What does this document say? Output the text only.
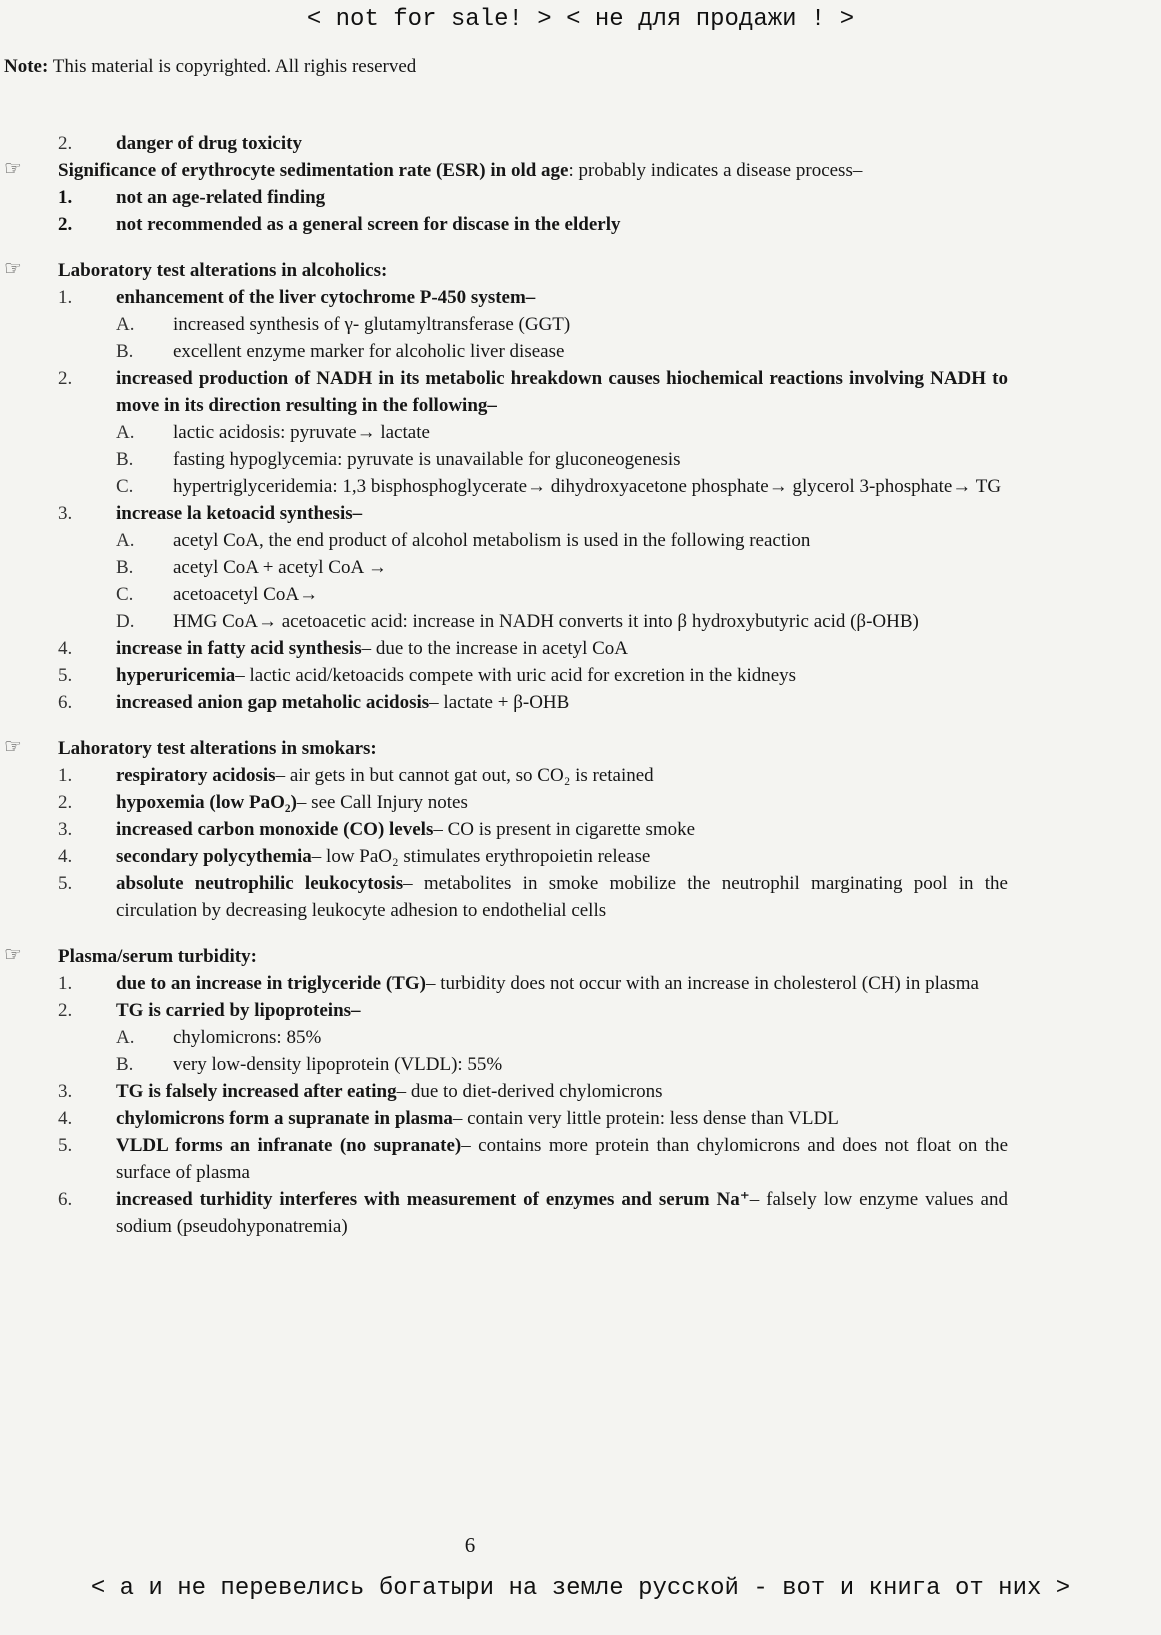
< not for sale! > < не для продажи ! >
Note: This material is copyrighted. All righis reserved
2. danger of drug toxicity
☞	Significance of erythrocyte sedimentation rate (ESR) in old age: probably indicates a disease process–
1. not an age-related finding
2. not recommended as a general screen for discase in the elderly
☞	Laboratory test alterations in alcoholics:
1. enhancement of the liver cytochrome P-450 system–
A. increased synthesis of γ- glutamyltransferase (GGT)
B. excellent enzyme marker for alcoholic liver disease
2. increased production of NADH in its metabolic hreakdown causes hiochemical reactions involving NADH to move in its direction resulting in the following–
A. lactic acidosis: pyruvate→ lactate
B. fasting hypoglycemia: pyruvate is unavailable for gluconeogenesis
C. hypertriglyceridemia: 1,3 bisphosphoglycerate→ dihydroxyacetone phosphate→ glycerol 3-phosphate→ TG
3. increase la ketoacid synthesis–
A. acetyl CoA, the end product of alcohol metabolism is used in the following reaction
B. acetyl CoA + acetyl CoA →
C. acetoacetyl CoA→
D. HMG CoA→ acetoacetic acid: increase in NADH converts it into β hydroxybutyric acid (β-OHB)
4. increase in fatty acid synthesis– due to the increase in acetyl CoA
5. hyperuricemia– lactic acid/ketoacids compete with uric acid for excretion in the kidneys
6. increased anion gap metaholic acidosis– lactate + β-OHB
☞	Lahoratory test alterations in smokars:
1. respiratory acidosis– air gets in but cannot gat out, so CO₂ is retained
2. hypoxemia (low PaO₂)– see Call Injury notes
3. increased carbon monoxide (CO) levels– CO is present in cigarette smoke
4. secondary polycythemia– low PaO₂ stimulates erythropoietin release
5. absolute neutrophilic leukocytosis– metabolites in smoke mobilize the neutrophil marginating pool in the circulation by decreasing leukocyte adhesion to endothelial cells
☞	Plasma/serum turbidity:
1. due to an increase in triglyceride (TG)– turbidity does not occur with an increase in cholesterol (CH) in plasma
2. TG is carried by lipoproteins–
A. chylomicrons: 85%
B. very low-density lipoprotein (VLDL): 55%
3. TG is falsely increased after eating– due to diet-derived chylomicrons
4. chylomicrons form a supranate in plasma– contain very little protein: less dense than VLDL
5. VLDL forms an infranate (no supranate)– contains more protein than chylomicrons and does not float on the surface of plasma
6. increased turhidity interferes with measurement of enzymes and serum Na⁺– falsely low enzyme values and sodium (pseudohyponatremia)
6
< а и не перевелись богатыри на земле русской - вот и книга от них >
